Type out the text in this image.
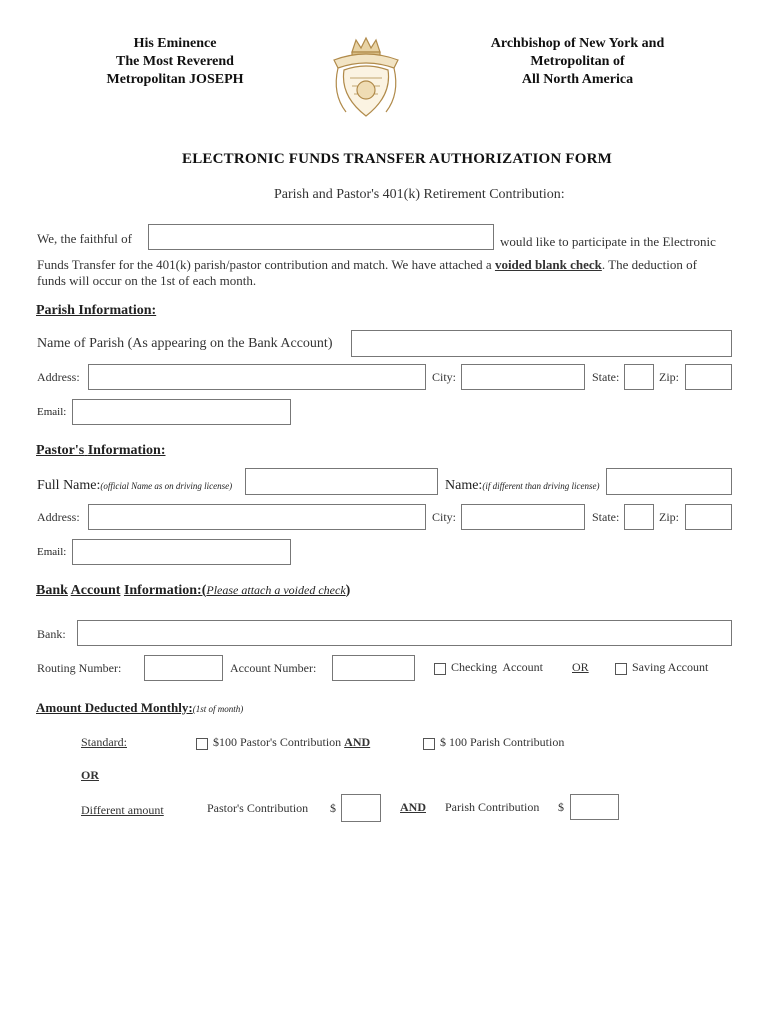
His Eminence
The Most Reverend
Metropolitan JOSEPH
Archbishop of New York and
Metropolitan of
All North America
ELECTRONIC FUNDS TRANSFER AUTHORIZATION FORM
Parish and Pastor's 401(k) Retirement Contribution:
We, the faithful of	would like to participate in the Electronic
Funds Transfer for the 401(k) parish/pastor contribution and match. We have attached a voided blank check. The deduction of
funds will occur on the 1st of each month.
Parish Information:
Name of Parish (As appearing on the Bank Account)
Address:	City:	State:	Zip:
Email:
Pastor's Information:
Full Name:(official Name as on driving license)	Name:(if different than driving license)
Address:	City:	State:	Zip:
Email:
Bank Account Information:(Please attach a voided check)
Bank:
Routing Number:	Account Number:	Checking  Account OR	Saving Account
Amount Deducted Monthly:(1st of month)
Standard:	$100 Pastor's Contribution AND	$ 100 Parish Contribution
OR
Different amount	Pastor's Contribution $	AND Parish Contribution $
